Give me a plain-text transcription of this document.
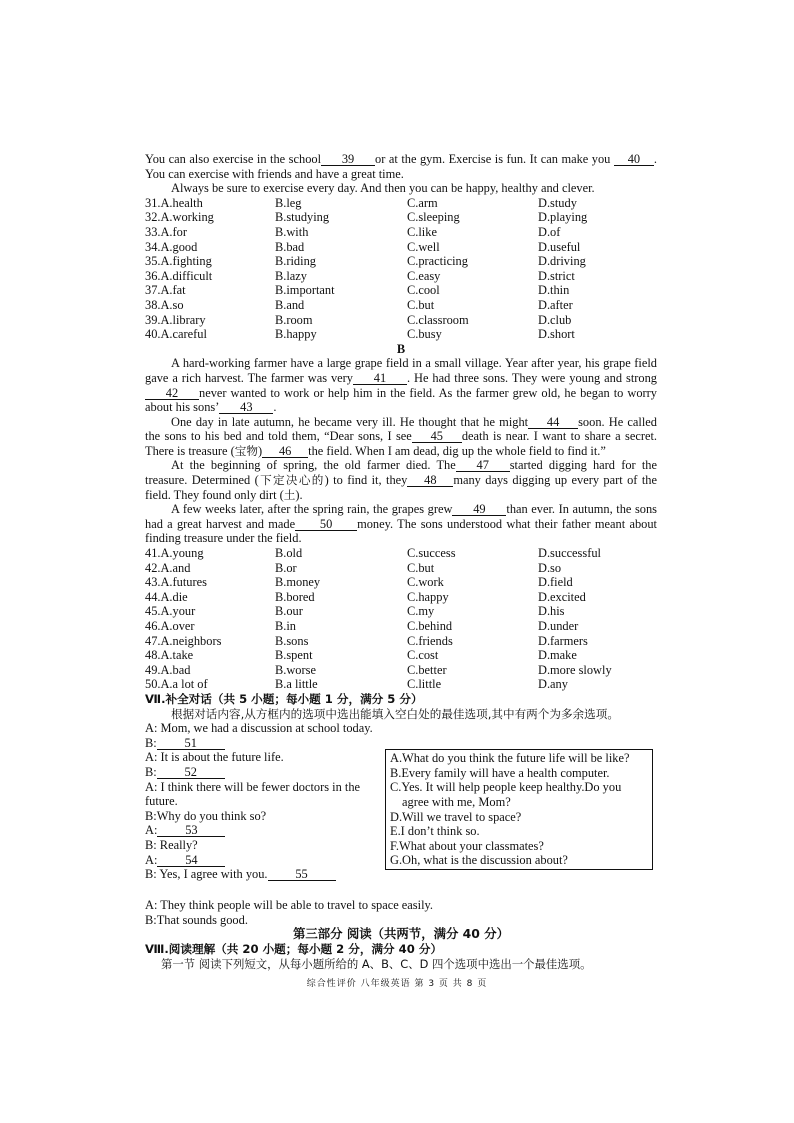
You can also exercise in the school 39 or at the gym. Exercise is fun. It can make you 40 . You can exercise with friends and have a great time.

Always be sure to exercise every day. And then you can be happy, healthy and clever.

31.A.health	B.leg	C.arm	D.study
32.A.working	B.studying	C.sleeping	D.playing
33.A.for	B.with	C.like	D.of
34.A.good	B.bad	C.well	D.useful
35.A.fighting	B.riding	C.practicing	D.driving
36.A.difficult	B.lazy	C.easy	D.strict
37.A.fat	B.important	C.cool	D.thin
38.A.so	B.and	C.but	D.after
39.A.library	B.room	C.classroom	D.club
40.A.careful	B.happy	C.busy	D.short

B

A hard-working farmer have a large grape field in a small village. Year after year, his grape field gave a rich harvest. The farmer was very 41 . He had three sons. They were young and strong42 never wanted to work or help him in the field. As the farmer grew old, he began to worry about his sons’ 43 .

One day in late autumn, he became very ill. He thought that he might 44 soon. He called the sons to his bed and told them, “Dear sons, I see 45 death is near. I want to share a secret. There is treasure (宝物) 46 the field. When I am dead, dig up the whole field to find it.”

At the beginning of spring, the old farmer died. The 47 started digging hard for the treasure. Determined (下定决心的) to find it, they 48 many days digging up every part of the field. They found only dirt (土).

A few weeks later, after the spring rain, the grapes grew 49 than ever. In autumn, the sons had a great harvest and made 50 money. The sons understood what their father meant about finding treasure under the field.

41.A.young	B.old	C.success	D.successful
42.A.and	B.or	C.but	D.so
43.A.futures	B.money	C.work	D.field
44.A.die	B.bored	C.happy	D.excited
45.A.your	B.our	C.my	D.his
46.A.over	B.in	C.behind	D.under
47.A.neighbors	B.sons	C.friends	D.farmers
48.A.take	B.spent	C.cost	D.make
49.A.bad	B.worse	C.better	D.more slowly
50.A.a lot of	B.a little	C.little	D.any

Ⅶ.补全对话（共 5 小题；每小题 1 分，满分 5 分）

根据对话内容,从方框内的选项中选出能填入空白处的最佳选项,其中有两个为多余选项。

A: Mom, we had a discussion at school today.
B: 51
A: It is about the future life.
B: 52
A: I think there will be fewer doctors in the future.
B:Why do you think so?
A: 53
B: Really?
A: 54
B: Yes, I agree with you. 55
A.What do you think the future life will be like?
B.Every family will have a health computer.
C.Yes. It will help people keep healthy.Do you
agree with me, Mom?
D.Will we travel to space?
E.I don’t think so.
F.What about your classmates?
G.Oh, what is the discussion about?

A: They think people will be able to travel to space easily.

B:That sounds good.

第三部分 阅读（共两节，满分 40 分）

Ⅷ.阅读理解（共 20 小题；每小题 2 分，满分 40 分）

第一节 阅读下列短文，从每小题所给的 A、B、C、D 四个选项中选出一个最佳选项。

综合性评价 八年级英语 第 3 页 共 8 页
